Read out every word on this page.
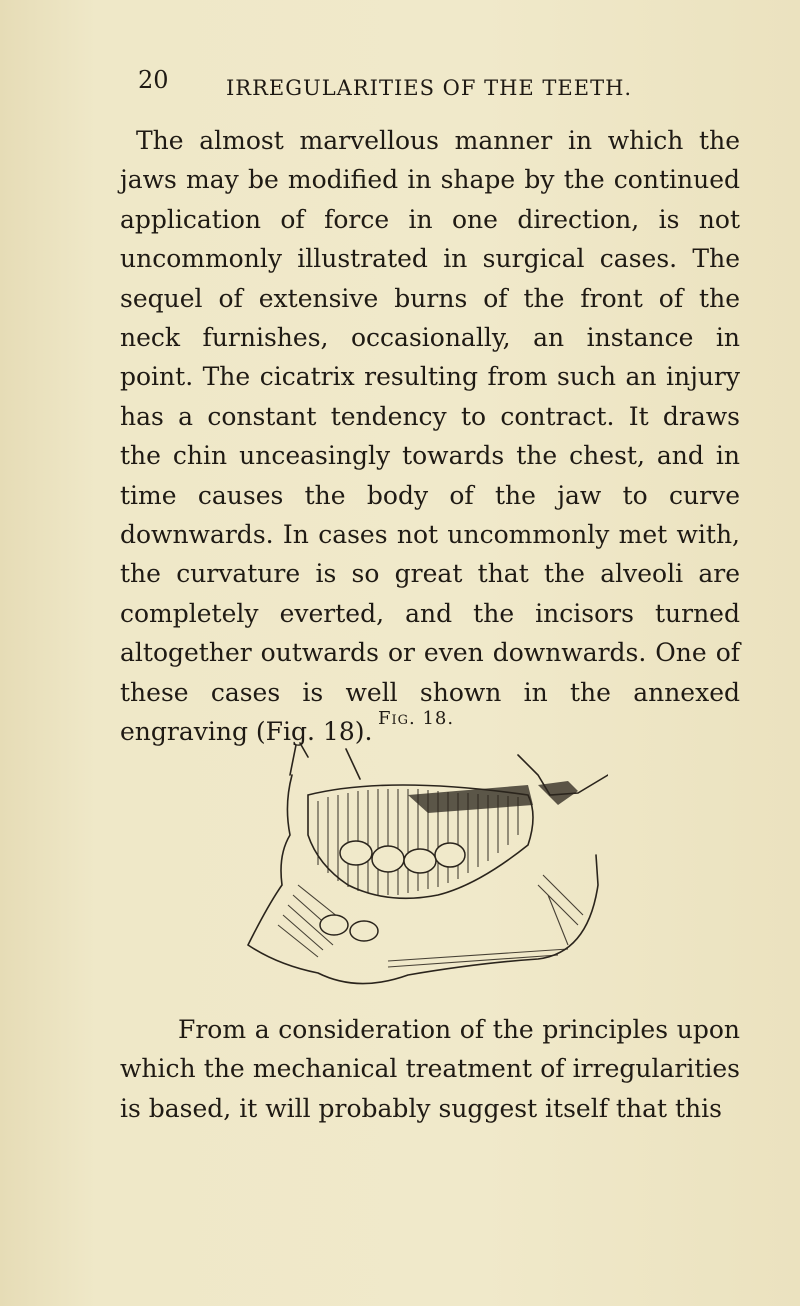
20	IRREGULARITIES OF THE TEETH.

The almost marvellous manner in which the jaws may be modified in shape by the continued application of force in one direction, is not uncommonly illustrated in surgical cases. The sequel of extensive burns of the front of the neck furnishes, occasionally, an instance in point. The cicatrix resulting from such an injury has a constant tendency to contract. It draws the chin unceasingly towards the chest, and in time causes the body of the jaw to curve downwards. In cases not uncommonly met with, the curvature is so great that the alveoli are completely everted, and the incisors turned altogether outwards or even downwards. One of these cases is well shown in the annexed engraving (Fig. 18). Fig. 18.

From a consideration of the principles upon which the mechanical treatment of irregularities is based, it will probably suggest itself that this
